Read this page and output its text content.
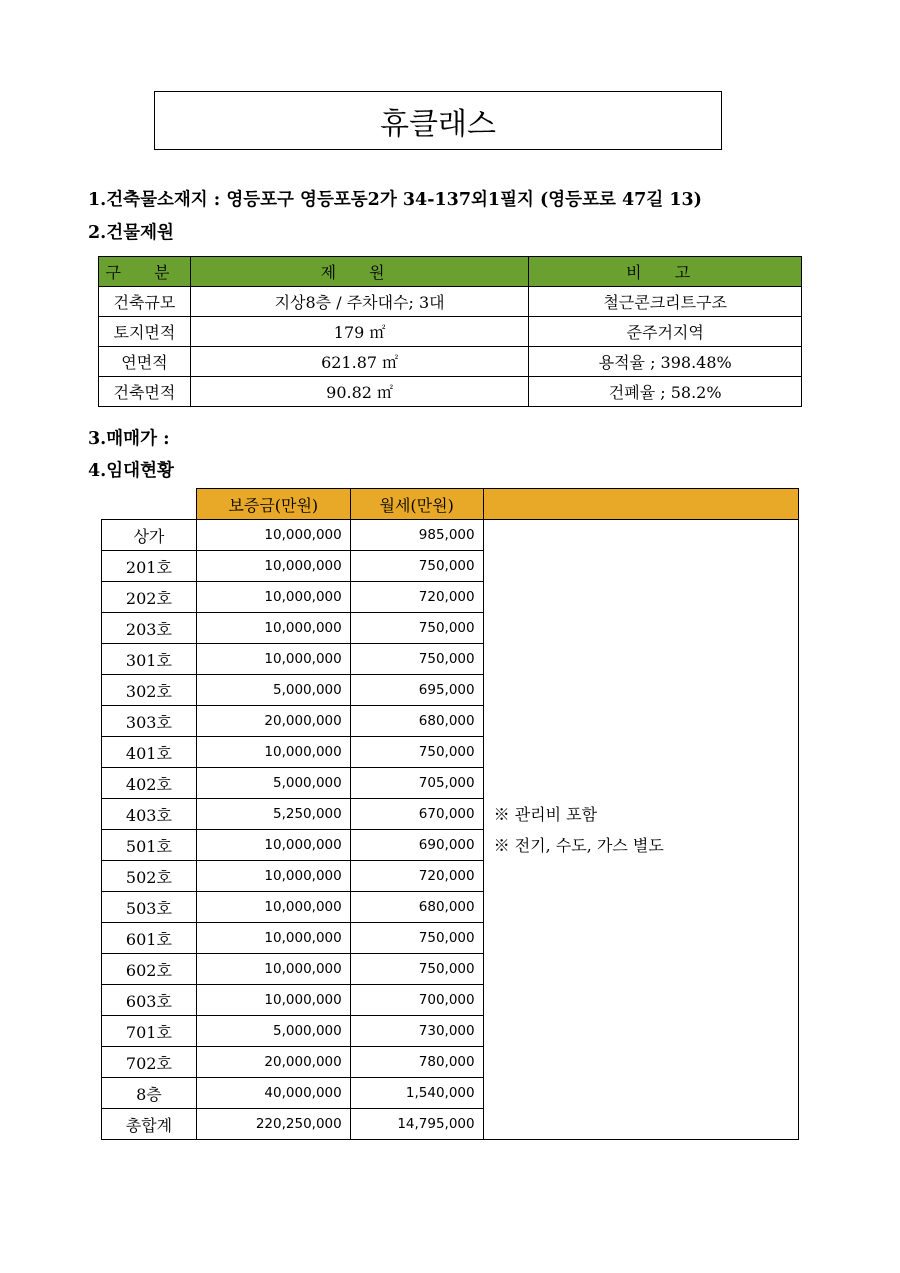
휴클래스
1.건축물소재지 : 영등포구 영등포동2가 34-137외1필지 (영등포로 47길 13)
2.건물제원
구 분	제 원	비 고
건축규모	지상8층 / 주차대수; 3대	철근콘크리트구조
토지면적	179 ㎡	준주거지역
연면적	621.87 ㎡	용적율 ; 398.48%
건축면적	90.82 ㎡	건폐율 ; 58.2%
3.매매가 :
4.임대현황
	보증금(만원)	월세(만원)	
상가	10,000,000	985,000	※ 관리비 포함
※ 전기, 수도, 가스 별도

201호	10,000,000	750,000	
202호	10,000,000	720,000	
203호	10,000,000	750,000	
301호	10,000,000	750,000	
302호	5,000,000	695,000	
303호	20,000,000	680,000	
401호	10,000,000	750,000	
402호	5,000,000	705,000	
403호	5,250,000	670,000	
501호	10,000,000	690,000	
502호	10,000,000	720,000	
503호	10,000,000	680,000	
601호	10,000,000	750,000	
602호	10,000,000	750,000	
603호	10,000,000	700,000	
701호	5,000,000	730,000	
702호	20,000,000	780,000	
8층	40,000,000	1,540,000	
총합계	220,250,000	14,795,000	
